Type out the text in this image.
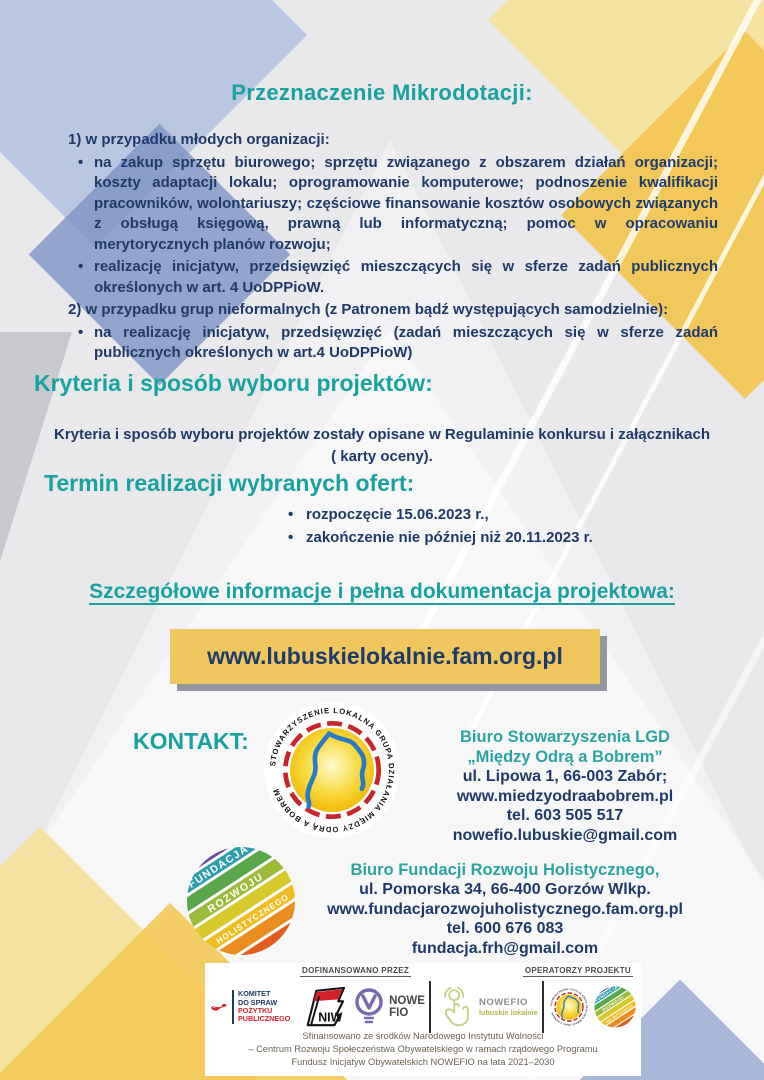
Przeznaczenie Mikrodotacji:
1) w przypadku młodych organizacji:
• na zakup sprzętu biurowego; sprzętu związanego z obszarem działań organizacji; koszty adaptacji lokalu; oprogramowanie komputerowe; podnoszenie kwalifikacji pracowników, wolontariuszy; częściowe finansowanie kosztów osobowych związanych z obsługą księgową, prawną lub informatyczną; pomoc w opracowaniu merytorycznych planów rozwoju;
• realizację inicjatyw, przedsięwzięć mieszczących się w sferze zadań publicznych określonych w art. 4 UoDPPioW.
2) w przypadku grup nieformalnych (z Patronem bądź występujących samodzielnie):
• na realizację inicjatyw, przedsięwzięć (zadań mieszczących się w sferze zadań publicznych określonych w art.4 UoDPPioW)
Kryteria i sposób wyboru projektów:
Kryteria i sposób wyboru projektów zostały opisane w Regulaminie konkursu i załącznikach
( karty oceny).
Termin realizacji wybranych ofert:
• rozpoczęcie 15.06.2023 r.,
• zakończenie nie później niż 20.11.2023 r.
Szczegółowe informacje i pełna dokumentacja projektowa:
www.lubuskielokalnie.fam.org.pl
KONTAKT:	Biuro Stowarzyszenia LGD
„Między Odrą a Bobrem”
ul. Lipowa 1, 66-003 Zabór;
www.miedzyodraabobrem.pl
tel. 603 505 517
nowefio.lubuskie@gmail.com
Biuro Fundacji Rozwoju Holistycznego,
ul. Pomorska 34, 66-400 Gorzów Wlkp.
www.fundacjarozwojuholistycznego.fam.org.pl
tel. 600 676 083
fundacja.frh@gmail.com
DOFINANSOWANO PRZEZ	OPERATORZY PROJEKTU
KOMITET
DO SPRAW
POŻYTKU
PUBLICZNEGO NIW
NOWE
FIO
NOWEFIO
lubuskie lokalnie
Sfinansowano ze środków Narodowego Instytutu Wolności
– Centrum Rozwoju Społeczeństwa Obywatelskiego w ramach rządowego Programu
Fundusz Inicjatyw Obywatelskich NOWEFIO na lata 2021–2030
